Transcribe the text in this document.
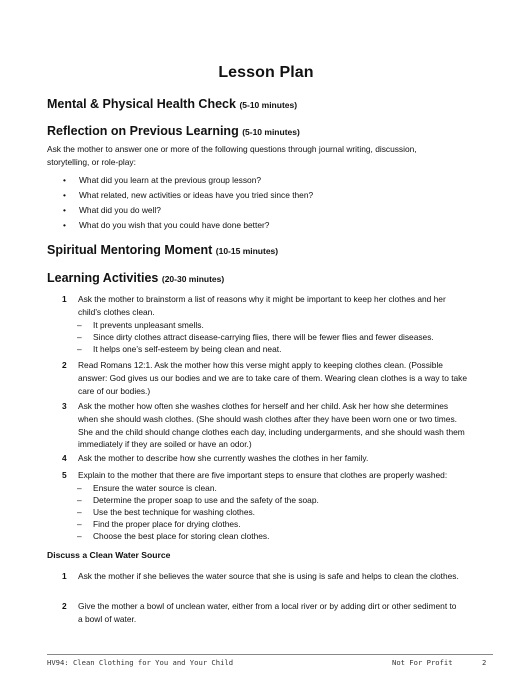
Lesson Plan
Mental & Physical Health Check (5-10 minutes)
Reflection on Previous Learning (5-10 minutes)
Ask the mother to answer one or more of the following questions through journal writing, discussion,
storytelling, or role-play:
• What did you learn at the previous group lesson?
• What related, new activities or ideas have you tried since then?
• What did you do well?
• What do you wish that you could have done better?
Spiritual Mentoring Moment (10-15 minutes)
Learning Activities (20-30 minutes)
1 Ask the mother to brainstorm a list of reasons why it might be important to keep her clothes and her
child’s clothes clean.
– It prevents unpleasant smells.
– Since dirty clothes attract disease-carrying flies, there will be fewer flies and fewer diseases.
– It helps one’s self-esteem by being clean and neat.
2 Read Romans 12:1. Ask the mother how this verse might apply to keeping clothes clean. (Possible
answer: God gives us our bodies and we are to take care of them. Wearing clean clothes is a way to take
care of our bodies.)
3 Ask the mother how often she washes clothes for herself and her child. Ask her how she determines
when she should wash clothes. (She should wash clothes after they have been worn one or two times.
She and the child should change clothes each day, including undergarments, and she should wash them
immediately if they are soiled or have an odor.)
4 Ask the mother to describe how she currently washes the clothes in her family.
5 Explain to the mother that there are five important steps to ensure that clothes are properly washed:
– Ensure the water source is clean.
– Determine the proper soap to use and the safety of the soap.
– Use the best technique for washing clothes.
– Find the proper place for drying clothes.
– Choose the best place for storing clean clothes.
Discuss a Clean Water Source
1 Ask the mother if she believes the water source that she is using is safe and helps to clean the clothes.
2 Give the mother a bowl of unclean water, either from a local river or by adding dirt or other sediment to
a bowl of water.
HV94: Clean Clothing for You and Your Child	Not For Profit	2
